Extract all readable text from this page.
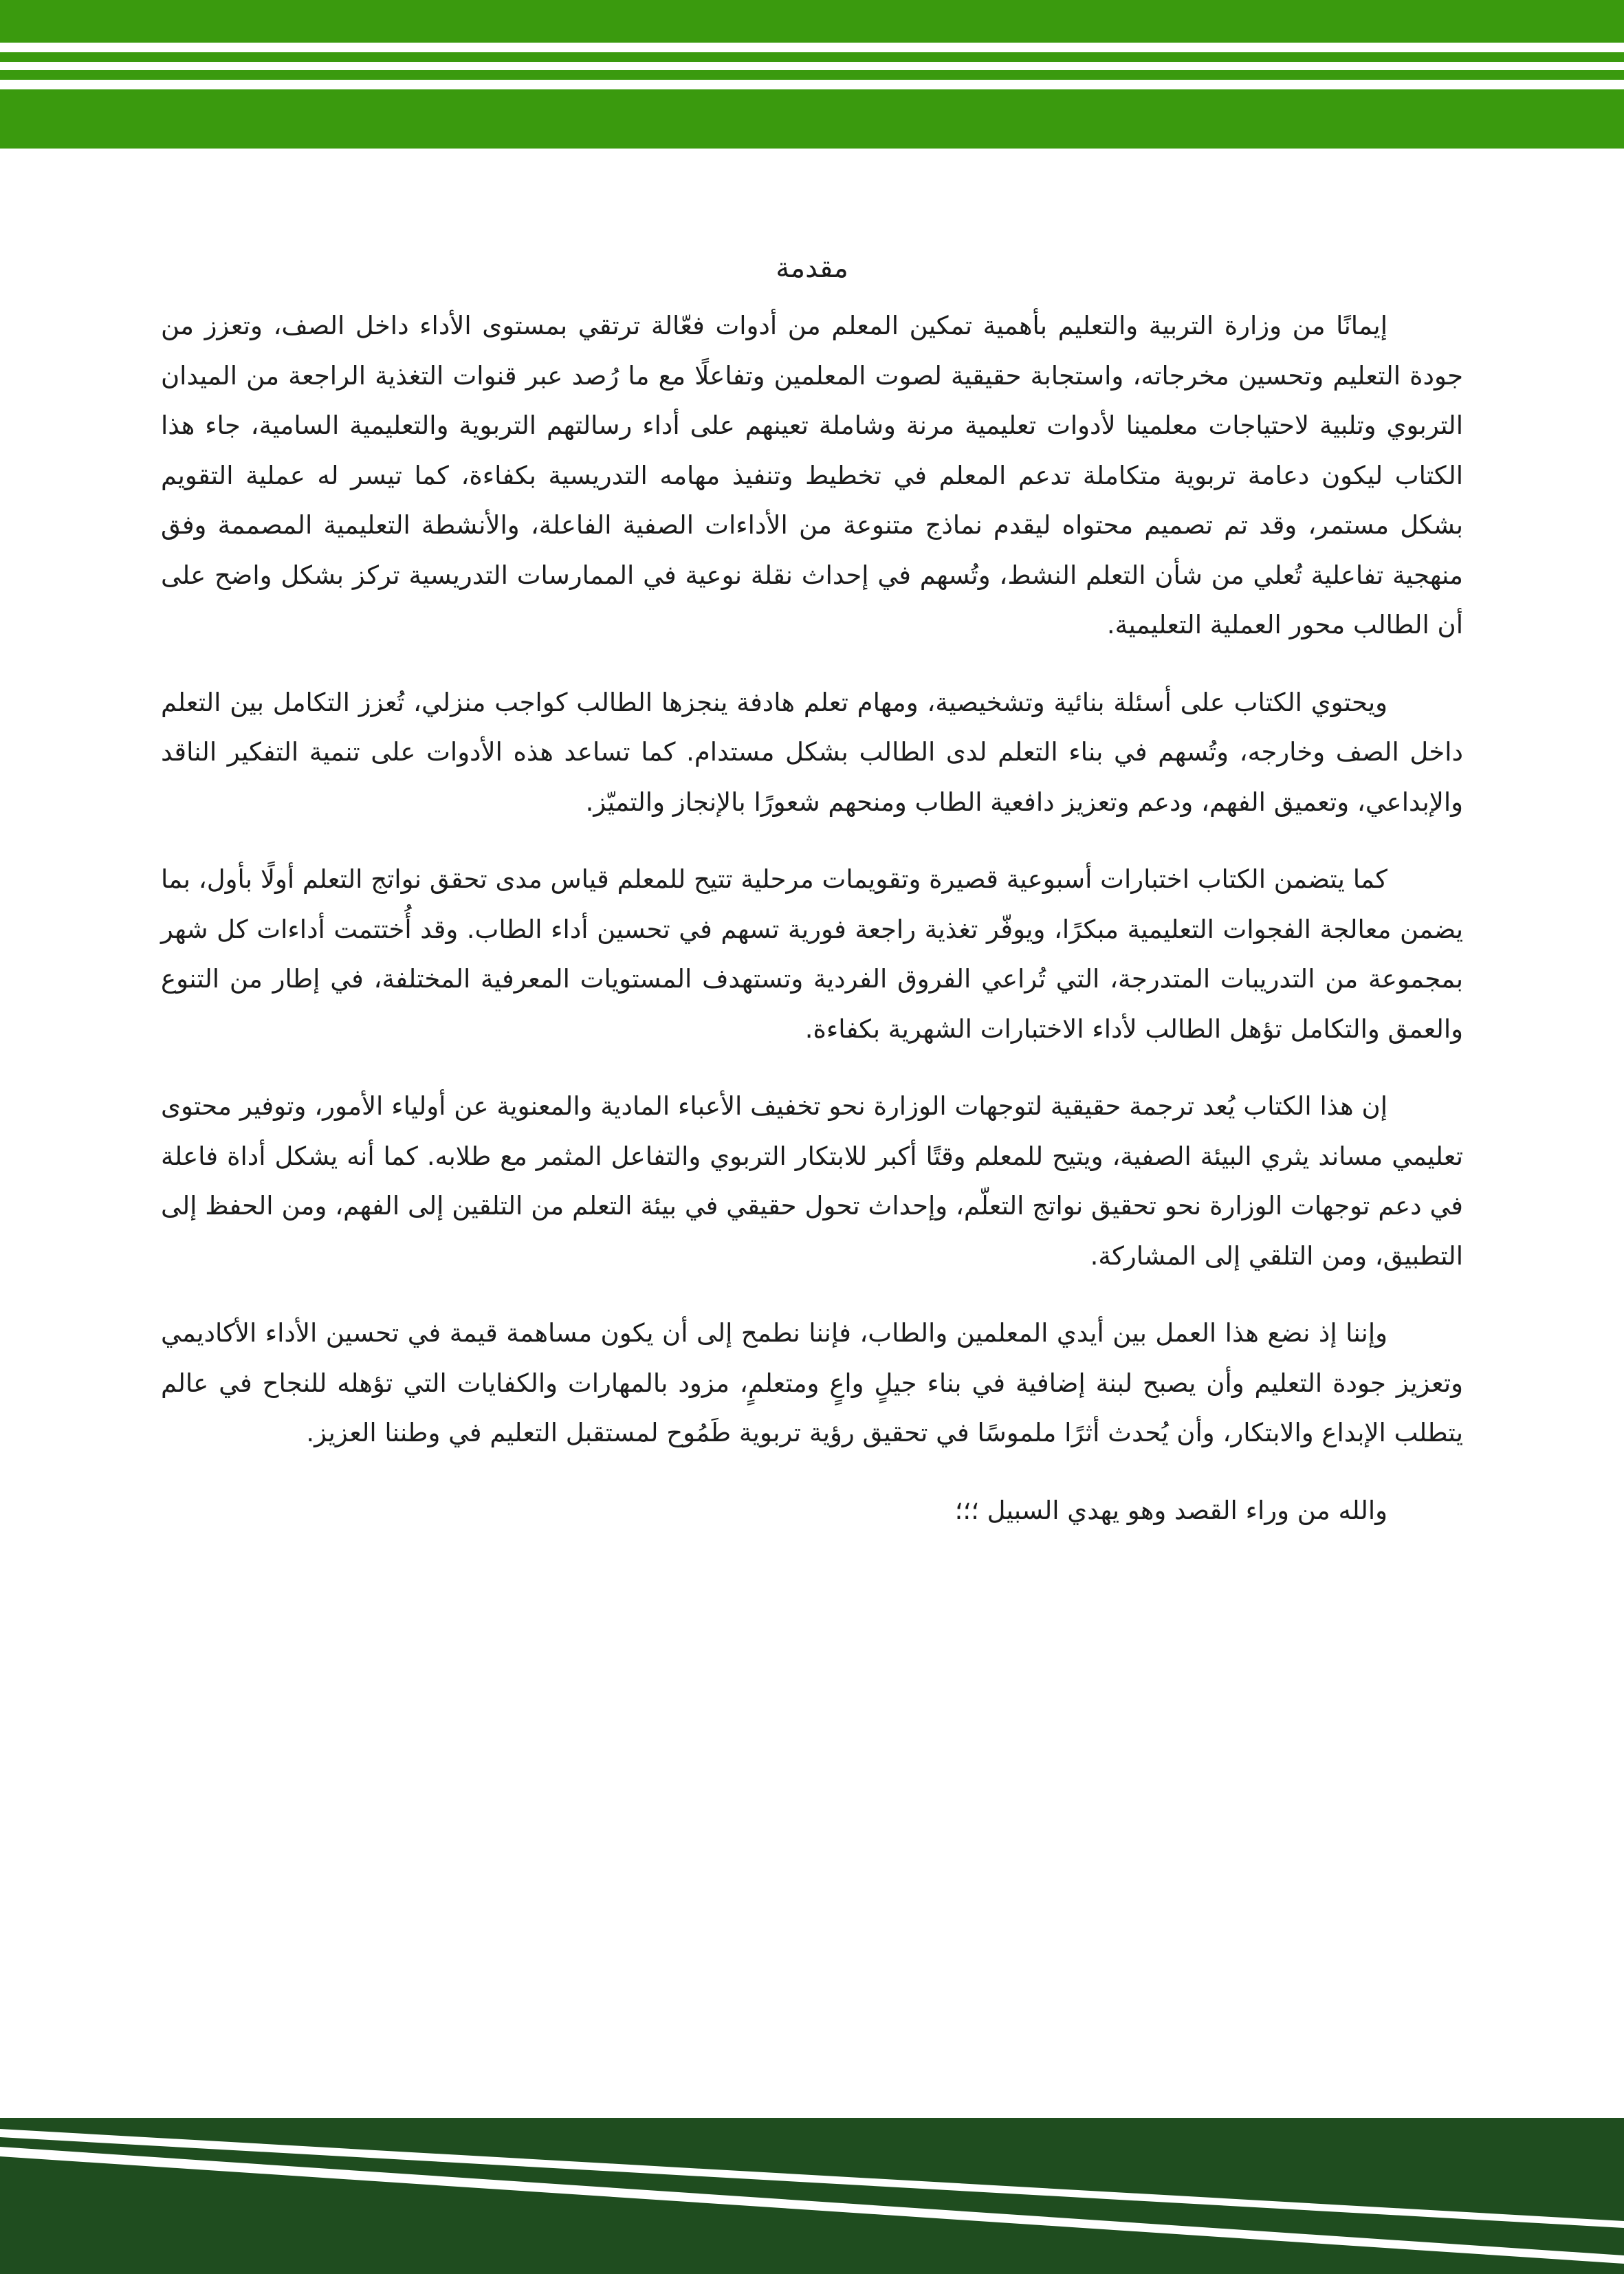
مقدمة

إيمانًا من وزارة التربية والتعليم بأهمية تمكين المعلم من أدوات فعّالة ترتقي بمستوى الأداء داخل الصف، وتعزز من جودة التعليم وتحسين مخرجاته، واستجابة حقيقية لصوت المعلمين وتفاعلًا مع ما رُصد عبر قنوات التغذية الراجعة من الميدان التربوي وتلبية لاحتياجات معلمينا لأدوات تعليمية مرنة وشاملة تعينهم على أداء رسالتهم التربوية والتعليمية السامية، جاء هذا الكتاب ليكون دعامة تربوية متكاملة تدعم المعلم في تخطيط وتنفيذ مهامه التدريسية بكفاءة، كما تيسر له عملية التقويم بشكل مستمر، وقد تم تصميم محتواه ليقدم نماذج متنوعة من الأداءات الصفية الفاعلة، والأنشطة التعليمية المصممة وفق منهجية تفاعلية تُعلي من شأن التعلم النشط، وتُسهم في إحداث نقلة نوعية في الممارسات التدريسية تركز بشكل واضح على أن الطالب محور العملية التعليمية.

ويحتوي الكتاب على أسئلة بنائية وتشخيصية، ومهام تعلم هادفة ينجزها الطالب كواجب منزلي، تُعزز التكامل بين التعلم داخل الصف وخارجه، وتُسهم في بناء التعلم لدى الطالب بشكل مستدام. كما تساعد هذه الأدوات على تنمية التفكير الناقد والإبداعي، وتعميق الفهم، ودعم وتعزيز دافعية الطاب ومنحهم شعورًا بالإنجاز والتميّز.

كما يتضمن الكتاب اختبارات أسبوعية قصيرة وتقويمات مرحلية تتيح للمعلم قياس مدى تحقق نواتج التعلم أولًا بأول، بما يضمن معالجة الفجوات التعليمية مبكرًا، ويوفّر تغذية راجعة فورية تسهم في تحسين أداء الطاب. وقد أُختتمت أداءات كل شهر بمجموعة من التدريبات المتدرجة، التي تُراعي الفروق الفردية وتستهدف المستويات المعرفية المختلفة، في إطار من التنوع والعمق والتكامل تؤهل الطالب لأداء الاختبارات الشهرية بكفاءة.

إن هذا الكتاب يُعد ترجمة حقيقية لتوجهات الوزارة نحو تخفيف الأعباء المادية والمعنوية عن أولياء الأمور، وتوفير محتوى تعليمي مساند يثري البيئة الصفية، ويتيح للمعلم وقتًا أكبر للابتكار التربوي والتفاعل المثمر مع طلابه. كما أنه يشكل أداة فاعلة في دعم توجهات الوزارة نحو تحقيق نواتج التعلّم، وإحداث تحول حقيقي في بيئة التعلم من التلقين إلى الفهم، ومن الحفظ إلى التطبيق، ومن التلقي إلى المشاركة.

وإننا إذ نضع هذا العمل بين أيدي المعلمين والطاب، فإننا نطمح إلى أن يكون مساهمة قيمة في تحسين الأداء الأكاديمي وتعزيز جودة التعليم وأن يصبح لبنة إضافية في بناء جيلٍ واعٍ ومتعلمٍ، مزود بالمهارات والكفايات التي تؤهله للنجاح في عالم يتطلب الإبداع والابتكار، وأن يُحدث أثرًا ملموسًا في تحقيق رؤية تربوية طَمُوح لمستقبل التعليم في وطننا العزيز.

والله من وراء القصد وهو يهدي السبيل ؛؛؛
